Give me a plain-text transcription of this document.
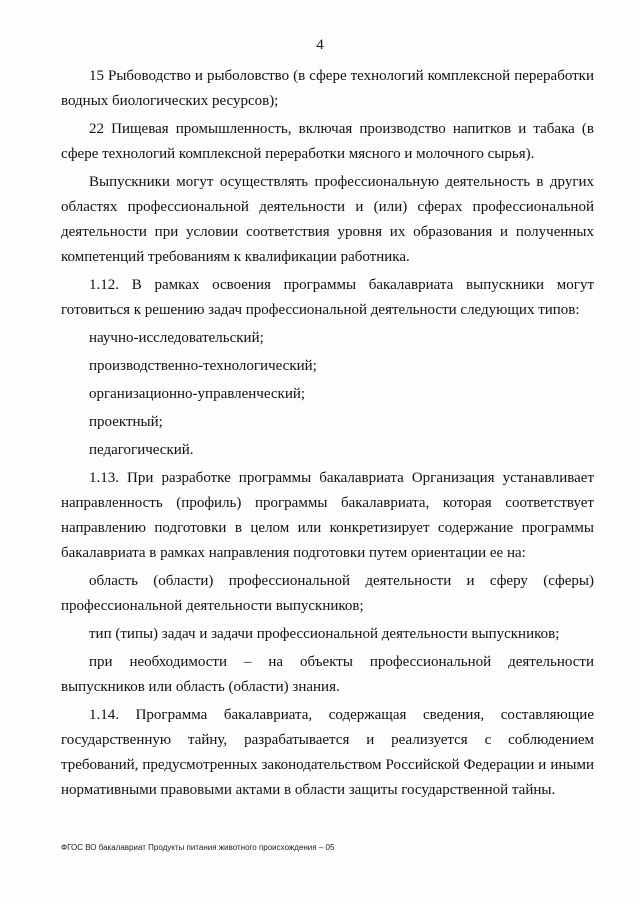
4

15 Рыбоводство и рыболовство (в сфере технологий комплексной переработки водных биологических ресурсов);

22 Пищевая промышленность, включая производство напитков и табака (в сфере технологий комплексной переработки мясного и молочного сырья).

Выпускники могут осуществлять профессиональную деятельность в других областях профессиональной деятельности и (или) сферах профессиональной деятельности при условии соответствия уровня их образования и полученных компетенций требованиям к квалификации работника.

1.12. В рамках освоения программы бакалавриата выпускники могут готовиться к решению задач профессиональной деятельности следующих типов:

научно-исследовательский;

производственно-технологический;

организационно-управленческий;

проектный;

педагогический.

1.13. При разработке программы бакалавриата Организация устанавливает направленность (профиль) программы бакалавриата, которая соответствует направлению подготовки в целом или конкретизирует содержание программы бакалавриата в рамках направления подготовки путем ориентации ее на:

область (области) профессиональной деятельности и сферу (сферы) профессиональной деятельности выпускников;

тип (типы) задач и задачи профессиональной деятельности выпускников;

при необходимости – на объекты профессиональной деятельности выпускников или область (области) знания.

1.14. Программа бакалавриата, содержащая сведения, составляющие государственную тайну, разрабатывается и реализуется с соблюдением требований, предусмотренных законодательством Российской Федерации и иными нормативными правовыми актами в области защиты государственной тайны.

ФГОС ВО бакалавриат Продукты питания животного происхождения – 05
